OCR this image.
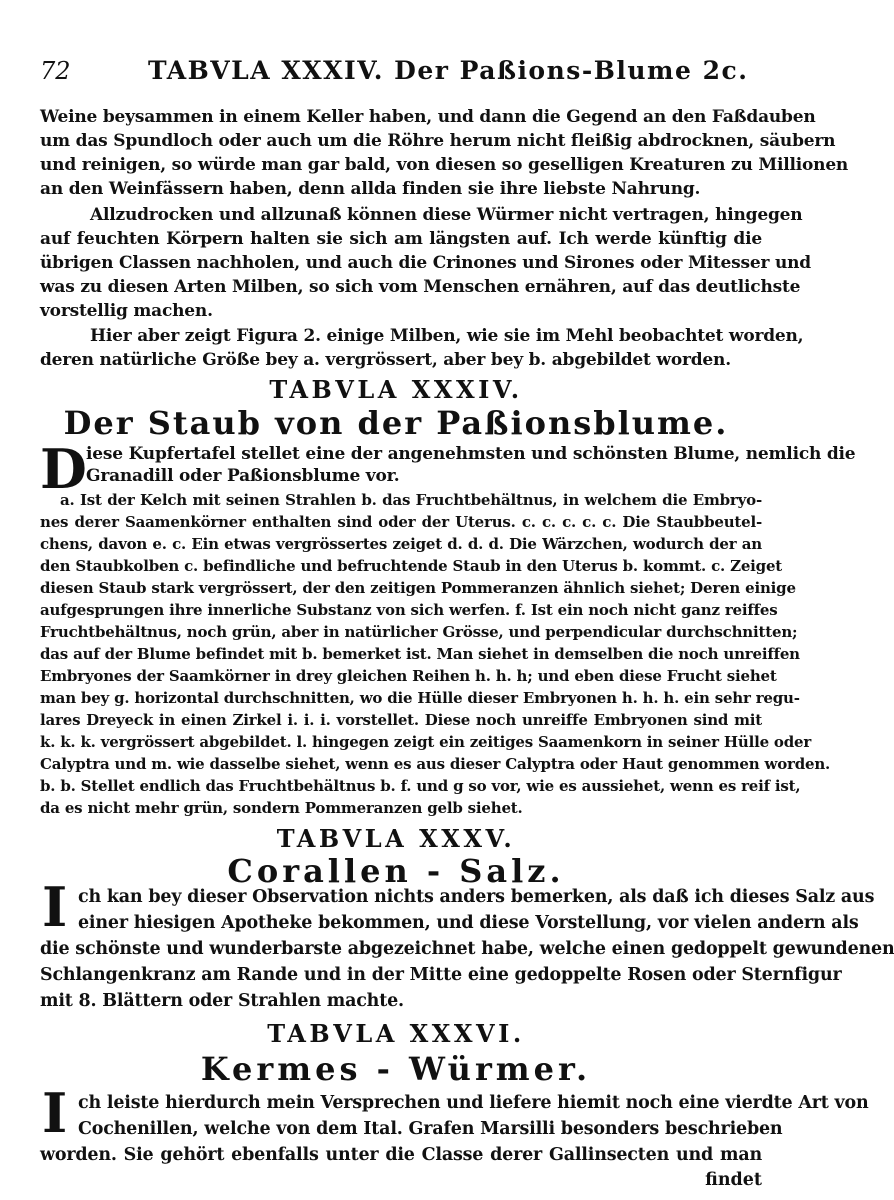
72	TABVLA XXXIV. Der Paßions-Blume 2c.
Weine beysammen in einem Keller haben, und dann die Gegend an den Faßdauben
um das Spundloch oder auch um die Röhre herum nicht fleißig abdrocknen, säubern
und reinigen, so würde man gar bald, von diesen so geselligen Kreaturen zu Millionen
an den Weinfässern haben, denn allda finden sie ihre liebste Nahrung.
Allzudrocken und allzunaß können diese Würmer nicht vertragen, hingegen
auf feuchten Körpern halten sie sich am längsten auf. Ich werde künftig die
übrigen Classen nachholen, und auch die Crinones und Sirones oder Mitesser und
was zu diesen Arten Milben, so sich vom Menschen ernähren, auf das deutlichste
vorstellig machen.
Hier aber zeigt Figura 2. einige Milben, wie sie im Mehl beobachtet worden,
deren natürliche Größe bey a. vergrössert, aber bey b. abgebildet worden.
TABVLA XXXIV.
Der Staub von der Paßionsblume.
D iese Kupfertafel stellet eine der angenehmsten und schönsten Blume, nemlich die
Granadill oder Paßionsblume vor.
a. Ist der Kelch mit seinen Strahlen b. das Fruchtbehältnus, in welchem die Embryo-
nes derer Saamenkörner enthalten sind oder der Uterus. c. c. c. c. c. Die Staubbeutel-
chens, davon e. c. Ein etwas vergrössertes zeiget d. d. d. Die Wärzchen, wodurch der an
den Staubkolben c. befindliche und befruchtende Staub in den Uterus b. kommt. c. Zeiget
diesen Staub stark vergrössert, der den zeitigen Pommeranzen ähnlich siehet; Deren einige
aufgesprungen ihre innerliche Substanz von sich werfen. f. Ist ein noch nicht ganz reiffes
Fruchtbehältnus, noch grün, aber in natürlicher Grösse, und perpendicular durchschnitten;
das auf der Blume befindet mit b. bemerket ist. Man siehet in demselben die noch unreiffen
Embryones der Saamkörner in drey gleichen Reihen h. h. h; und eben diese Frucht siehet
man bey g. horizontal durchschnitten, wo die Hülle dieser Embryonen h. h. h. ein sehr regu-
lares Dreyeck in einen Zirkel i. i. i. vorstellet. Diese noch unreiffe Embryonen sind mit
k. k. k. vergrössert abgebildet. l. hingegen zeigt ein zeitiges Saamenkorn in seiner Hülle oder
Calyptra und m. wie dasselbe siehet, wenn es aus dieser Calyptra oder Haut genommen worden.
b. b. Stellet endlich das Fruchtbehältnus b. f. und g so vor, wie es aussiehet, wenn es reif ist,
da es nicht mehr grün, sondern Pommeranzen gelb siehet.
TABVLA XXXV.
Corallen - Salz.
I ch kan bey dieser Observation nichts anders bemerken, als daß ich dieses Salz aus
einer hiesigen Apotheke bekommen, und diese Vorstellung, vor vielen andern als
die schönste und wunderbarste abgezeichnet habe, welche einen gedoppelt gewundenen
Schlangenkranz am Rande und in der Mitte eine gedoppelte Rosen oder Sternfigur
mit 8. Blättern oder Strahlen machte.
TABVLA XXXVI.
Kermes - Würmer.
I ch leiste hierdurch mein Versprechen und liefere hiemit noch eine vierdte Art von
Cochenillen, welche von dem Ital. Grafen Marsilli besonders beschrieben
worden. Sie gehört ebenfalls unter die Classe derer Gallinsecten und man
findet
